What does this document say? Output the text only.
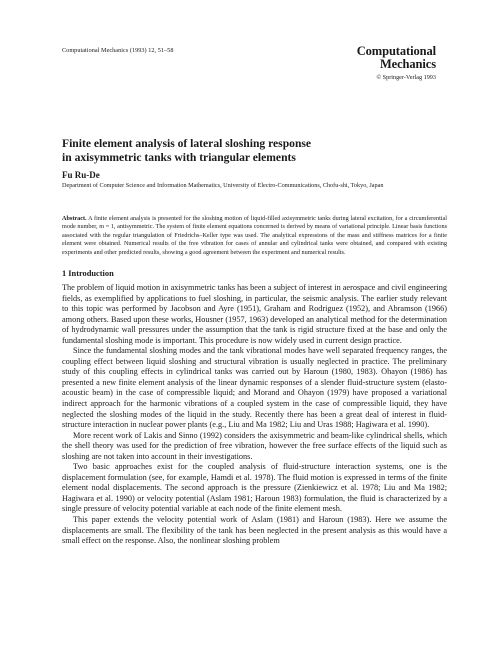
Computational Mechanics (1993) 12, 51–58	Computational
Mechanics
© Springer-Verlag 1993
Finite element analysis of lateral sloshing response
in axisymmetric tanks with triangular elements
Fu Ru-De
Department of Computer Science and Information Mathematics, University of Electro-Communications, Chofu-shi, Tokyo, Japan
Abstract. A finite element analysis is presented for the sloshing motion of liquid-filled axisymmetric tanks during lateral excitation, for a circumferential mode number, m = 1, antisymmetric. The system of finite element equations concerned is derived by means of variational principle. Linear basis functions associated with the regular triangulation of Friedrichs–Keller type was used. The analytical expressions of the mass and stiffness matrices for a finite element were obtained. Numerical results of the free vibration for cases of annular and cylindrical tanks were obtained, and compared with existing experiments and other predicted results, showing a good agreement between the experiment and numerical results.
1 Introduction

The problem of liquid motion in axisymmetric tanks has been a subject of interest in aerospace and civil engineering fields, as exemplified by applications to fuel sloshing, in particular, the seismic analysis. The earlier study relevant to this topic was performed by Jacobson and Ayre (1951), Graham and Rodriguez (1952), and Abramson (1966) among others. Based upon these works, Housner (1957, 1963) developed an analytical method for the determination of hydrodynamic wall pressures under the assumption that the tank is rigid structure fixed at the base and only the fundamental sloshing mode is important. This procedure is now widely used in current design practice.

Since the fundamental sloshing modes and the tank vibrational modes have well separated frequency ranges, the coupling effect between liquid sloshing and structural vibration is usually neglected in practice. The preliminary study of this coupling effects in cylindrical tanks was carried out by Haroun (1980, 1983). Ohayon (1986) has presented a new finite element analysis of the linear dynamic responses of a slender fluid-structure system (elasto-acoustic beam) in the case of compressible liquid; and Morand and Ohayon (1979) have proposed a variational indirect approach for the harmonic vibrations of a coupled system in the case of compressible liquid, they have neglected the sloshing modes of the liquid in the study. Recently there has been a great deal of interest in fluid-structure interaction in nuclear power plants (e.g., Liu and Ma 1982; Liu and Uras 1988; Hagiwara et al. 1990).

More recent work of Lakis and Sinno (1992) considers the axisymmetric and beam-like cylindrical shells, which the shell theory was used for the prediction of free vibration, however the free surface effects of the liquid such as sloshing are not taken into account in their investigations.

Two basic approaches exist for the coupled analysis of fluid-structure interaction systems, one is the displacement formulation (see, for example, Hamdi et al. 1978). The fluid motion is expressed in terms of the finite element nodal displacements. The second approach is the pressure (Zienkiewicz et al. 1978; Liu and Ma 1982; Hagiwara et al. 1990) or velocity potential (Aslam 1981; Haroun 1983) formulation, the fluid is characterized by a single pressure of velocity potential variable at each node of the finite element mesh.

This paper extends the velocity potential work of Aslam (1981) and Haroun (1983). Here we assume the displacements are small. The flexibility of the tank has been neglected in the present analysis as this would have a small effect on the response. Also, the nonlinear sloshing problem
